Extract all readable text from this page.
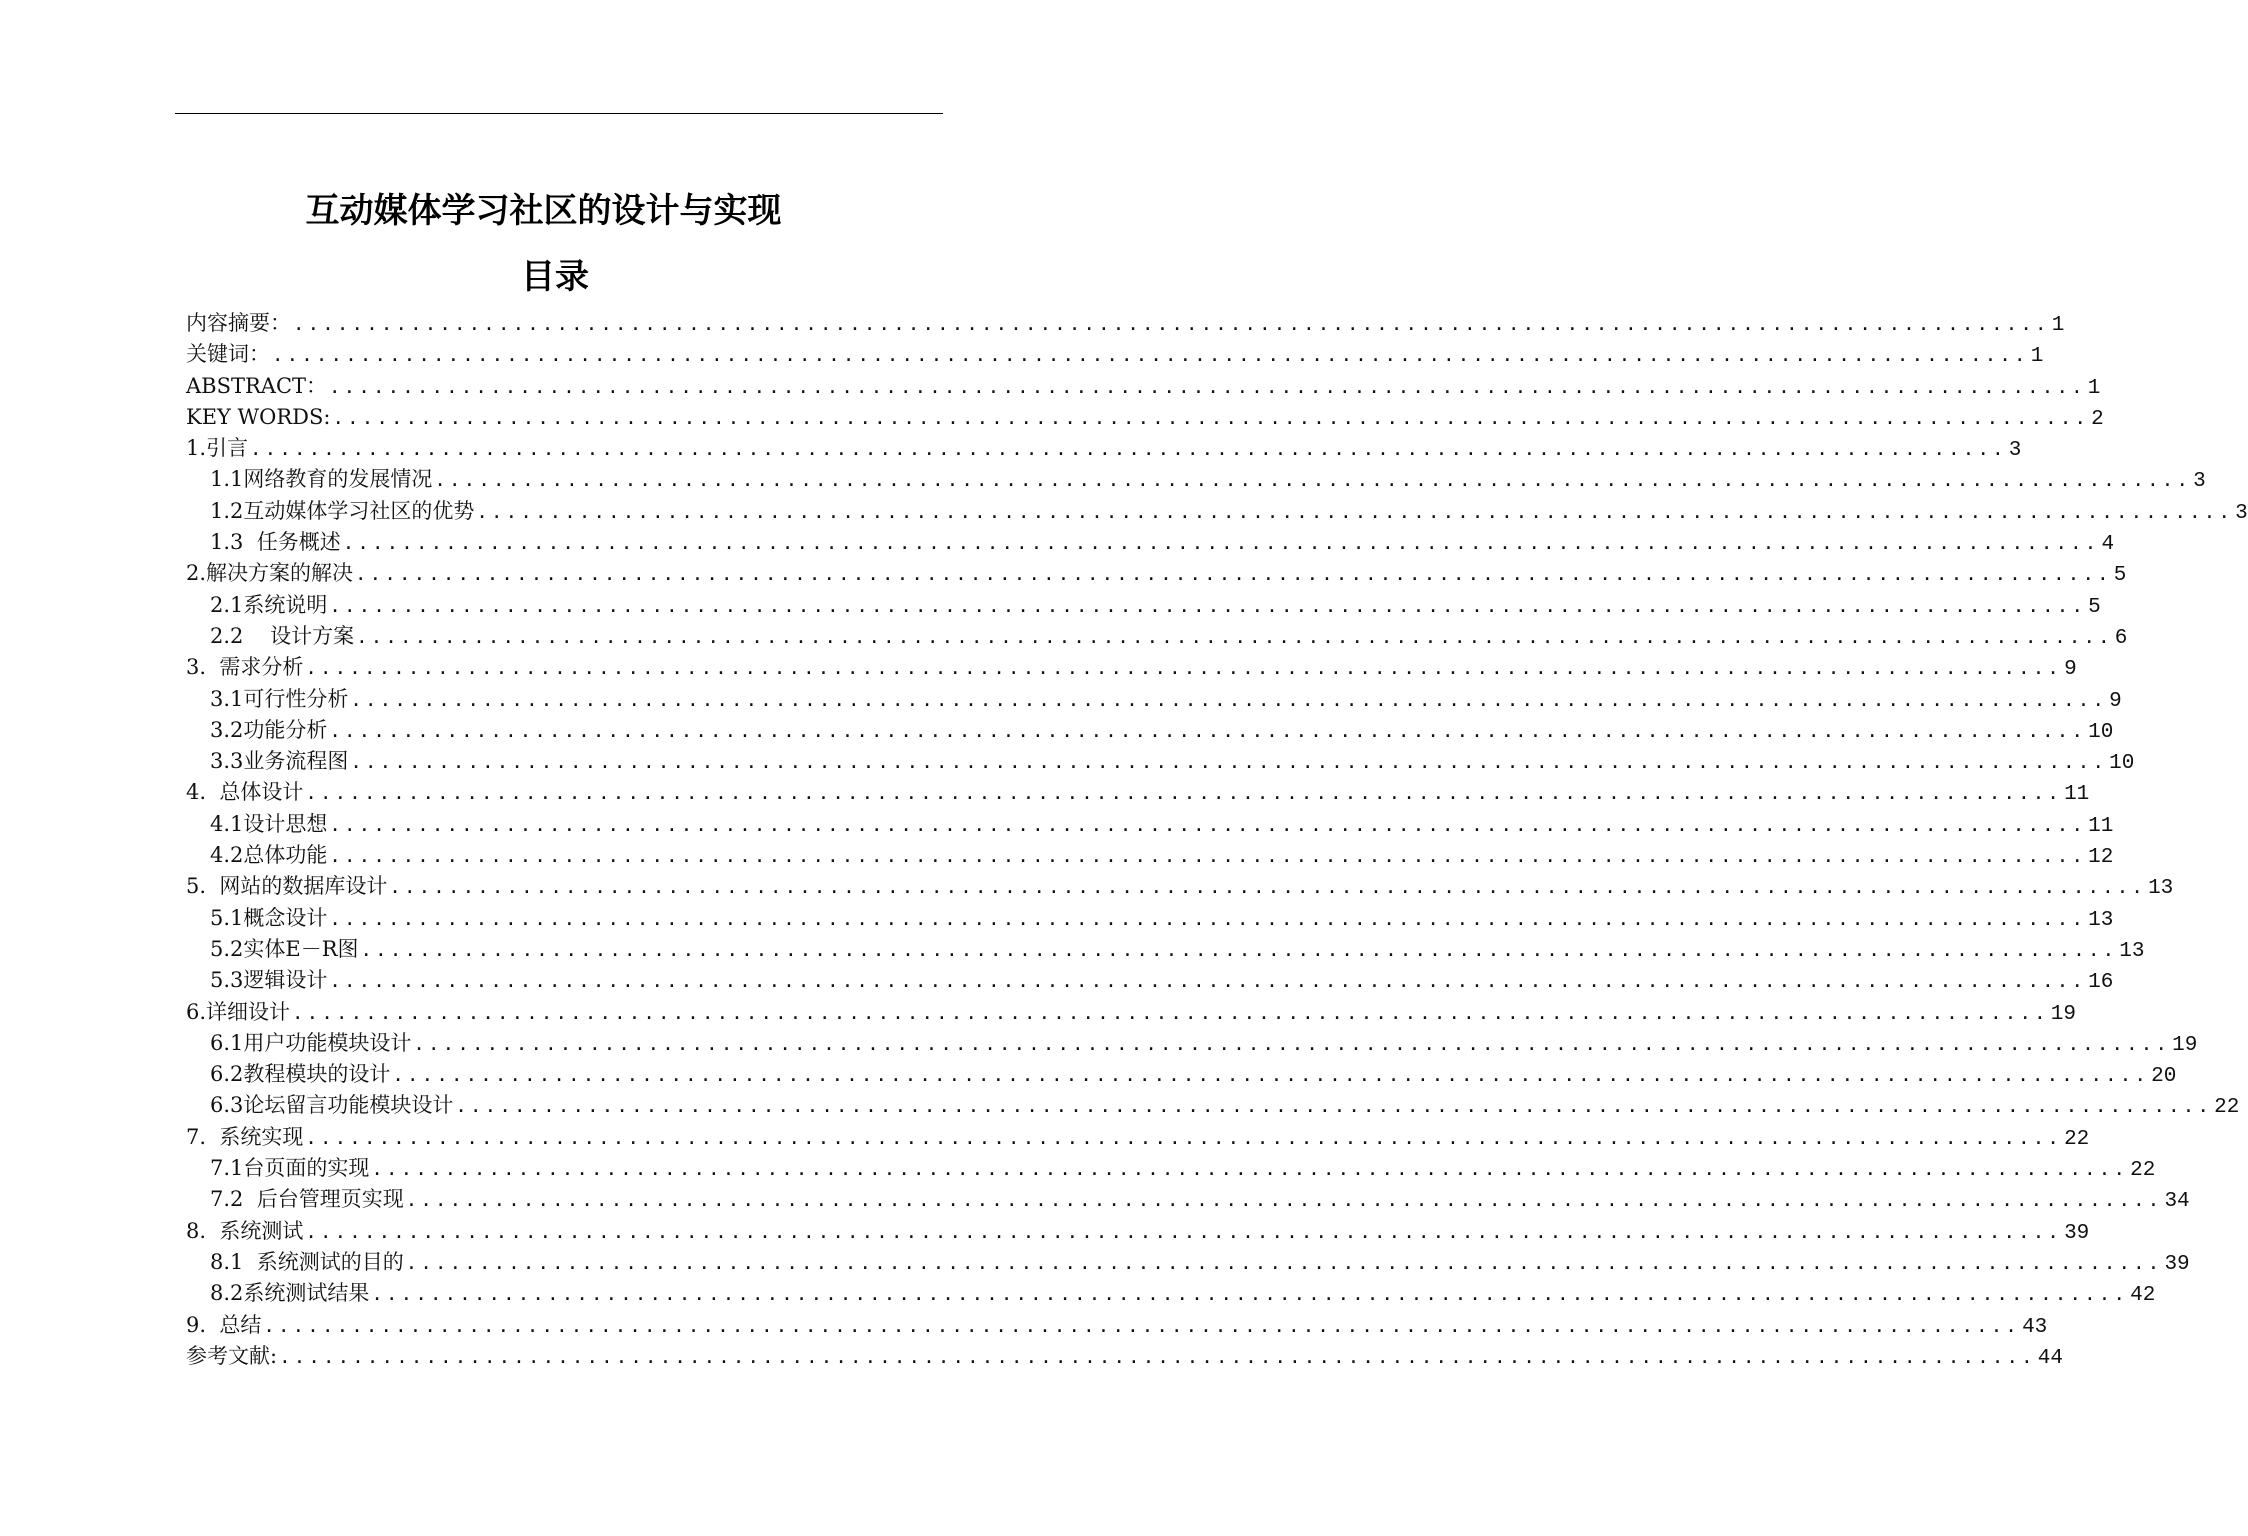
互动媒体学习社区的设计与实现
目录
内容摘要： ........................................................................................................................ 1
关键词： ........................................................................................................................ 1
ABSTRACT： ........................................................................................................................ 1
KEY WORDS: ........................................................................................................................ 2
1.引言 ........................................................................................................................ 3
1.1网络教育的发展情况 ........................................................................................................................ 3
1.2互动媒体学习社区的优势 ........................................................................................................................ 3
1.3  任务概述 ........................................................................................................................ 4
2.解决方案的解决 ........................................................................................................................ 5
2.1系统说明 ........................................................................................................................ 5
2.2    设计方案 ........................................................................................................................ 6
3.  需求分析 ........................................................................................................................ 9
3.1可行性分析 ........................................................................................................................ 9
3.2功能分析 ........................................................................................................................ 10
3.3业务流程图 ........................................................................................................................ 10
4.  总体设计 ........................................................................................................................ 11
4.1设计思想 ........................................................................................................................ 11
4.2总体功能 ........................................................................................................................ 12
5.  网站的数据库设计 ........................................................................................................................ 13
5.1概念设计 ........................................................................................................................ 13
5.2实体E－R图 ........................................................................................................................ 13
5.3逻辑设计 ........................................................................................................................ 16
6.详细设计 ........................................................................................................................ 19
6.1用户功能模块设计 ........................................................................................................................ 19
6.2教程模块的设计 ........................................................................................................................ 20
6.3论坛留言功能模块设计 ........................................................................................................................ 22
7.  系统实现 ........................................................................................................................ 22
7.1台页面的实现 ........................................................................................................................ 22
7.2  后台管理页实现 ........................................................................................................................ 34
8.  系统测试 ........................................................................................................................ 39
8.1  系统测试的目的 ........................................................................................................................ 39
8.2系统测试结果 ........................................................................................................................ 42
9.  总结 ........................................................................................................................ 43
参考文献: ........................................................................................................................ 44
